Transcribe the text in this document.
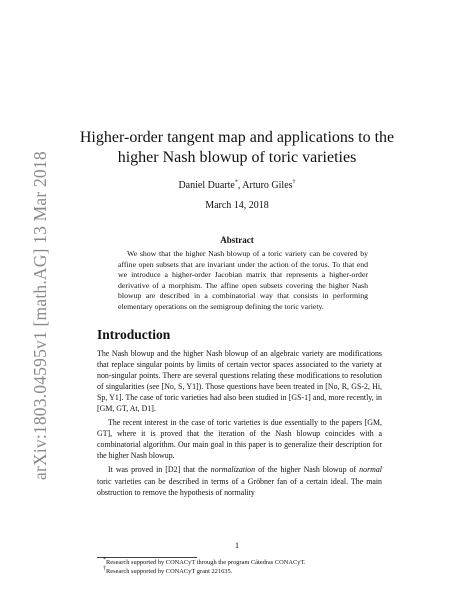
arXiv:1803.04595v1 [math.AG] 13 Mar 2018
Higher-order tangent map and applications to the
higher Nash blowup of toric varieties
Daniel Duarte*, Arturo Giles†
March 14, 2018
Abstract
We show that the higher Nash blowup of a toric variety can be covered by affine open subsets that are invariant under the action of the torus. To that end we introduce a higher-order Jacobian matrix that represents a higher-order derivative of a morphism. The affine open subsets covering the higher Nash blowup are described in a combinatorial way that consists in performing elementary operations on the semigroup defining the toric variety.
Introduction

The Nash blowup and the higher Nash blowup of an algebraic variety are modifications that replace singular points by limits of certain vector spaces associated to the variety at non-singular points. There are several questions relating these modifications to resolution of singularities (see [No, S, Y1]). Those questions have been treated in [No, R, GS-2, Hi, Sp, Y1]. The case of toric varieties had also been studied in [GS-1] and, more recently, in [GM, GT, At, D1].

The recent interest in the case of toric varieties is due essentially to the papers [GM, GT], where it is proved that the iteration of the Nash blowup coincides with a combinatorial algorithm. Our main goal in this paper is to generalize their description for the higher Nash blowup.

It was proved in [D2] that the normalization of the higher Nash blowup of normal toric varieties can be described in terms of a Gröbner fan of a certain ideal. The main obstruction to remove the hypothesis of normality

*Research supported by CONACyT through the program Cátedras CONACyT.
†Research supported by CONACyT grant 221635.
1
